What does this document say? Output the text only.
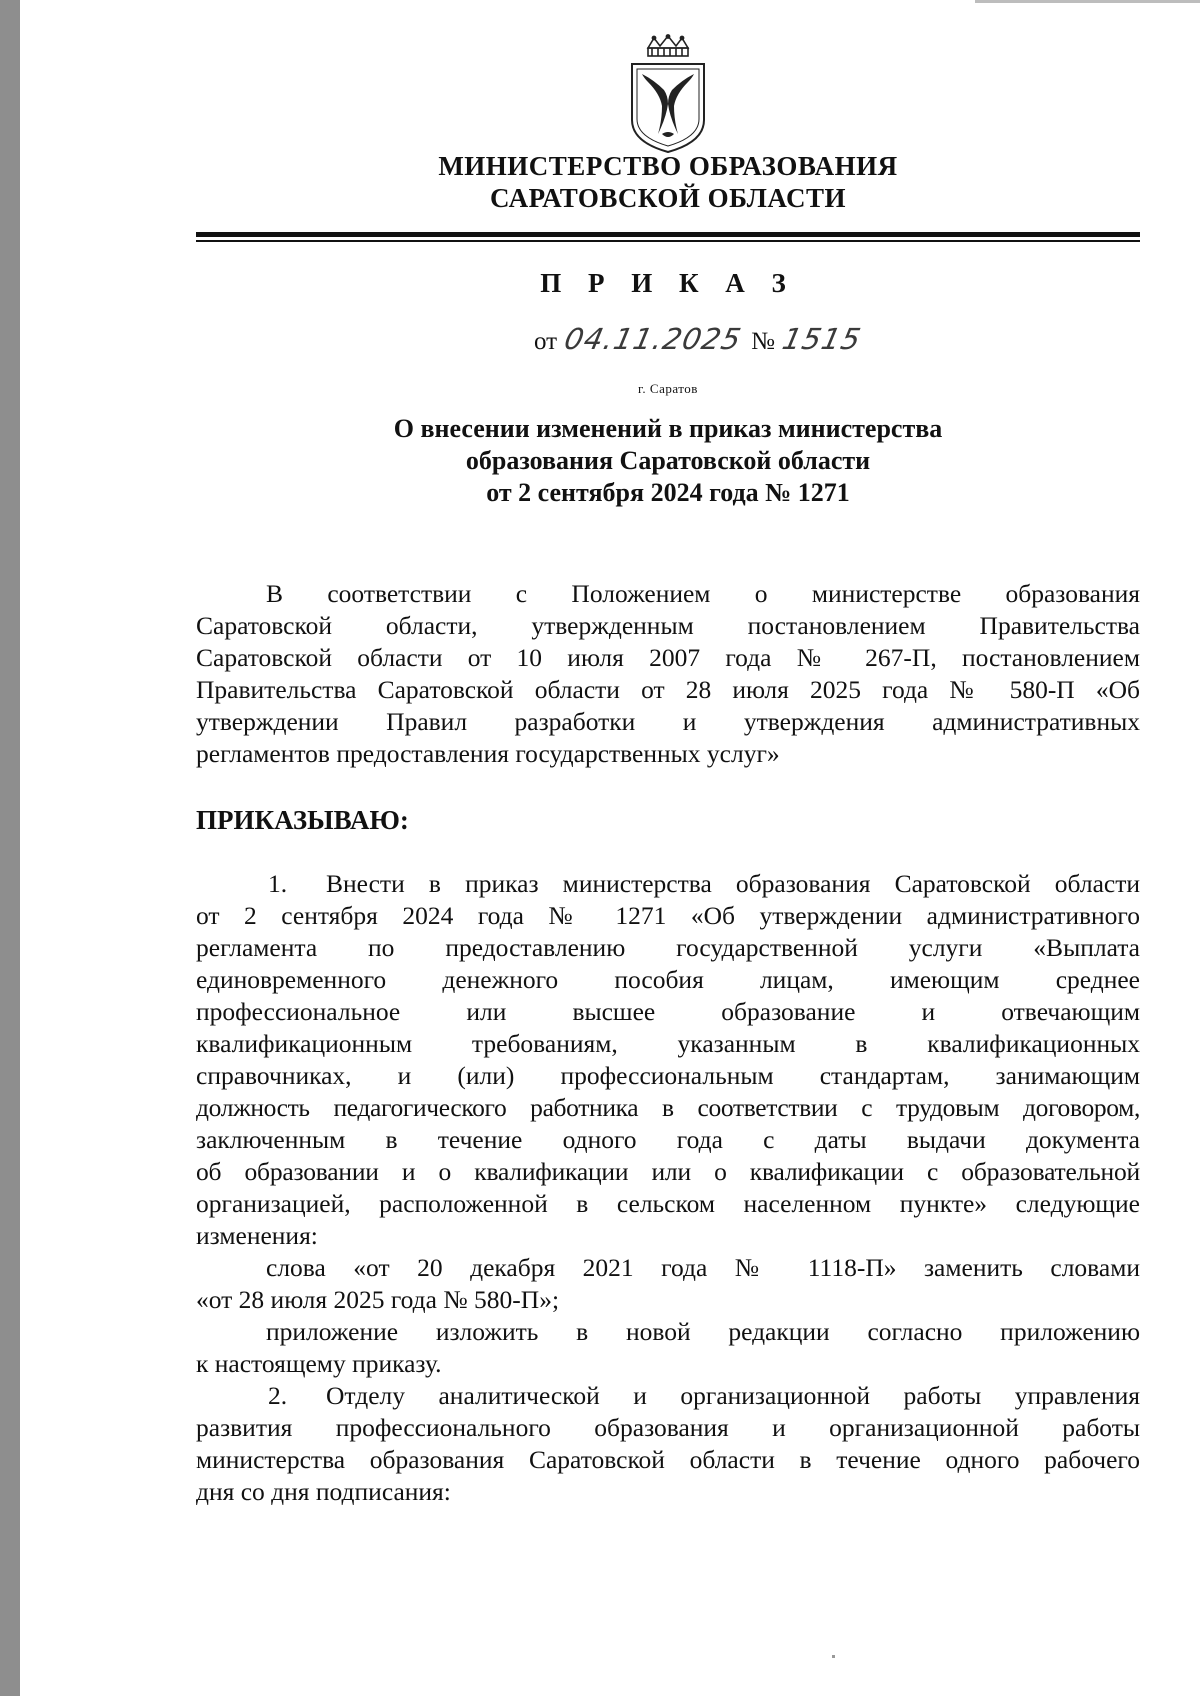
МИНИСТЕРСТВО ОБРАЗОВАНИЯ
САРАТОВСКОЙ ОБЛАСТИ
П Р И К А З
от 04.11.2025 № 1515
г. Саратов
О внесении изменений в приказ министерства
образования Саратовской области
от 2 сентября 2024 года № 1271
В соответствии с Положением о министерстве образования
Саратовской области, утвержденным постановлением Правительства
Саратовской области от 10 июля 2007 года № 267-П, постановлением
Правительства Саратовской области от 28 июля 2025 года № 580-П «Об
утверждении Правил разработки и утверждения административных
регламентов предоставления государственных услуг»
ПРИКАЗЫВАЮ:
1.	Внести в приказ министерства образования Саратовской области
от 2 сентября 2024 года № 1271 «Об утверждении административного
регламента по предоставлению государственной услуги «Выплата
единовременного денежного пособия лицам, имеющим среднее
профессиональное или высшее образование и отвечающим
квалификационным требованиям, указанным в квалификационных
справочниках, и (или) профессиональным стандартам, занимающим
должность педагогического работника в соответствии с трудовым договором,
заключенным в течение одного года с даты выдачи документа
об образовании и о квалификации или о квалификации с образовательной
организацией, расположенной в сельском населенном пункте» следующие
изменения:
слова «от 20 декабря 2021 года № 1118-П» заменить словами
«от 28 июля 2025 года № 580-П»;
приложение изложить в новой редакции согласно приложению
к настоящему приказу.
2.	Отделу аналитической и организационной работы управления
развития профессионального образования и организационной работы
министерства образования Саратовской области в течение одного рабочего
дня со дня подписания:
